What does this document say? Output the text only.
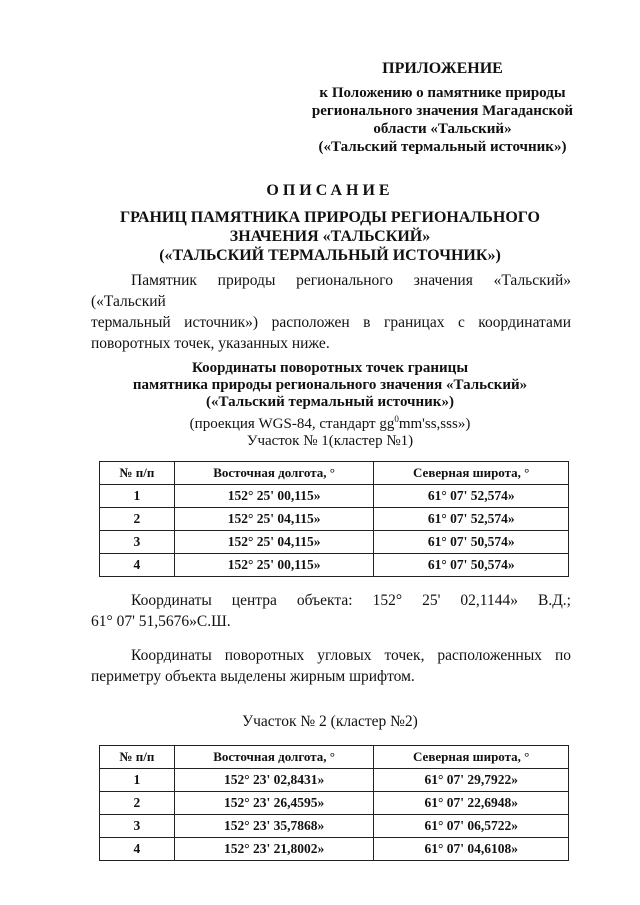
ПРИЛОЖЕНИЕ
к Положению о памятнике природы
регионального значения Магаданской
области «Тальский»
(«Тальский термальный источник»)
ОПИСАНИЕ
ГРАНИЦ ПАМЯТНИКА ПРИРОДЫ РЕГИОНАЛЬНОГО
ЗНАЧЕНИЯ «ТАЛЬСКИЙ»
(«ТАЛЬСКИЙ ТЕРМАЛЬНЫЙ ИСТОЧНИК»)
Памятник природы регионального значения «Тальский» («Тальский
термальный источник») расположен в границах с координатами
поворотных точек, указанных ниже.
Координаты поворотных точек границы
памятника природы регионального значения «Тальский»
(«Тальский термальный источник»)
(проекция WGS-84, стандарт $gg^0mm'ss,sss$»)
Участок № 1(кластер №1)
№ п/п	Восточная долгота, °	Северная широта, °
1	152° 25' 00,115»	61° 07' 52,574»
2	152° 25' 04,115»	61° 07' 52,574»
3	152° 25' 04,115»	61° 07' 50,574»
4	152° 25' 00,115»	61° 07' 50,574»
Координаты центра объекта: 152° 25' 02,1144» В.Д.;
61° 07' 51,5676»С.Ш.
Координаты поворотных угловых точек, расположенных по
периметру объекта выделены жирным шрифтом.
Участок № 2 (кластер №2)
№ п/п	Восточная долгота, °	Северная широта, °
1	152° 23' 02,8431»	61° 07' 29,7922»
2	152° 23' 26,4595»	61° 07' 22,6948»
3	152° 23' 35,7868»	61° 07' 06,5722»
4	152° 23' 21,8002»	61° 07' 04,6108»
